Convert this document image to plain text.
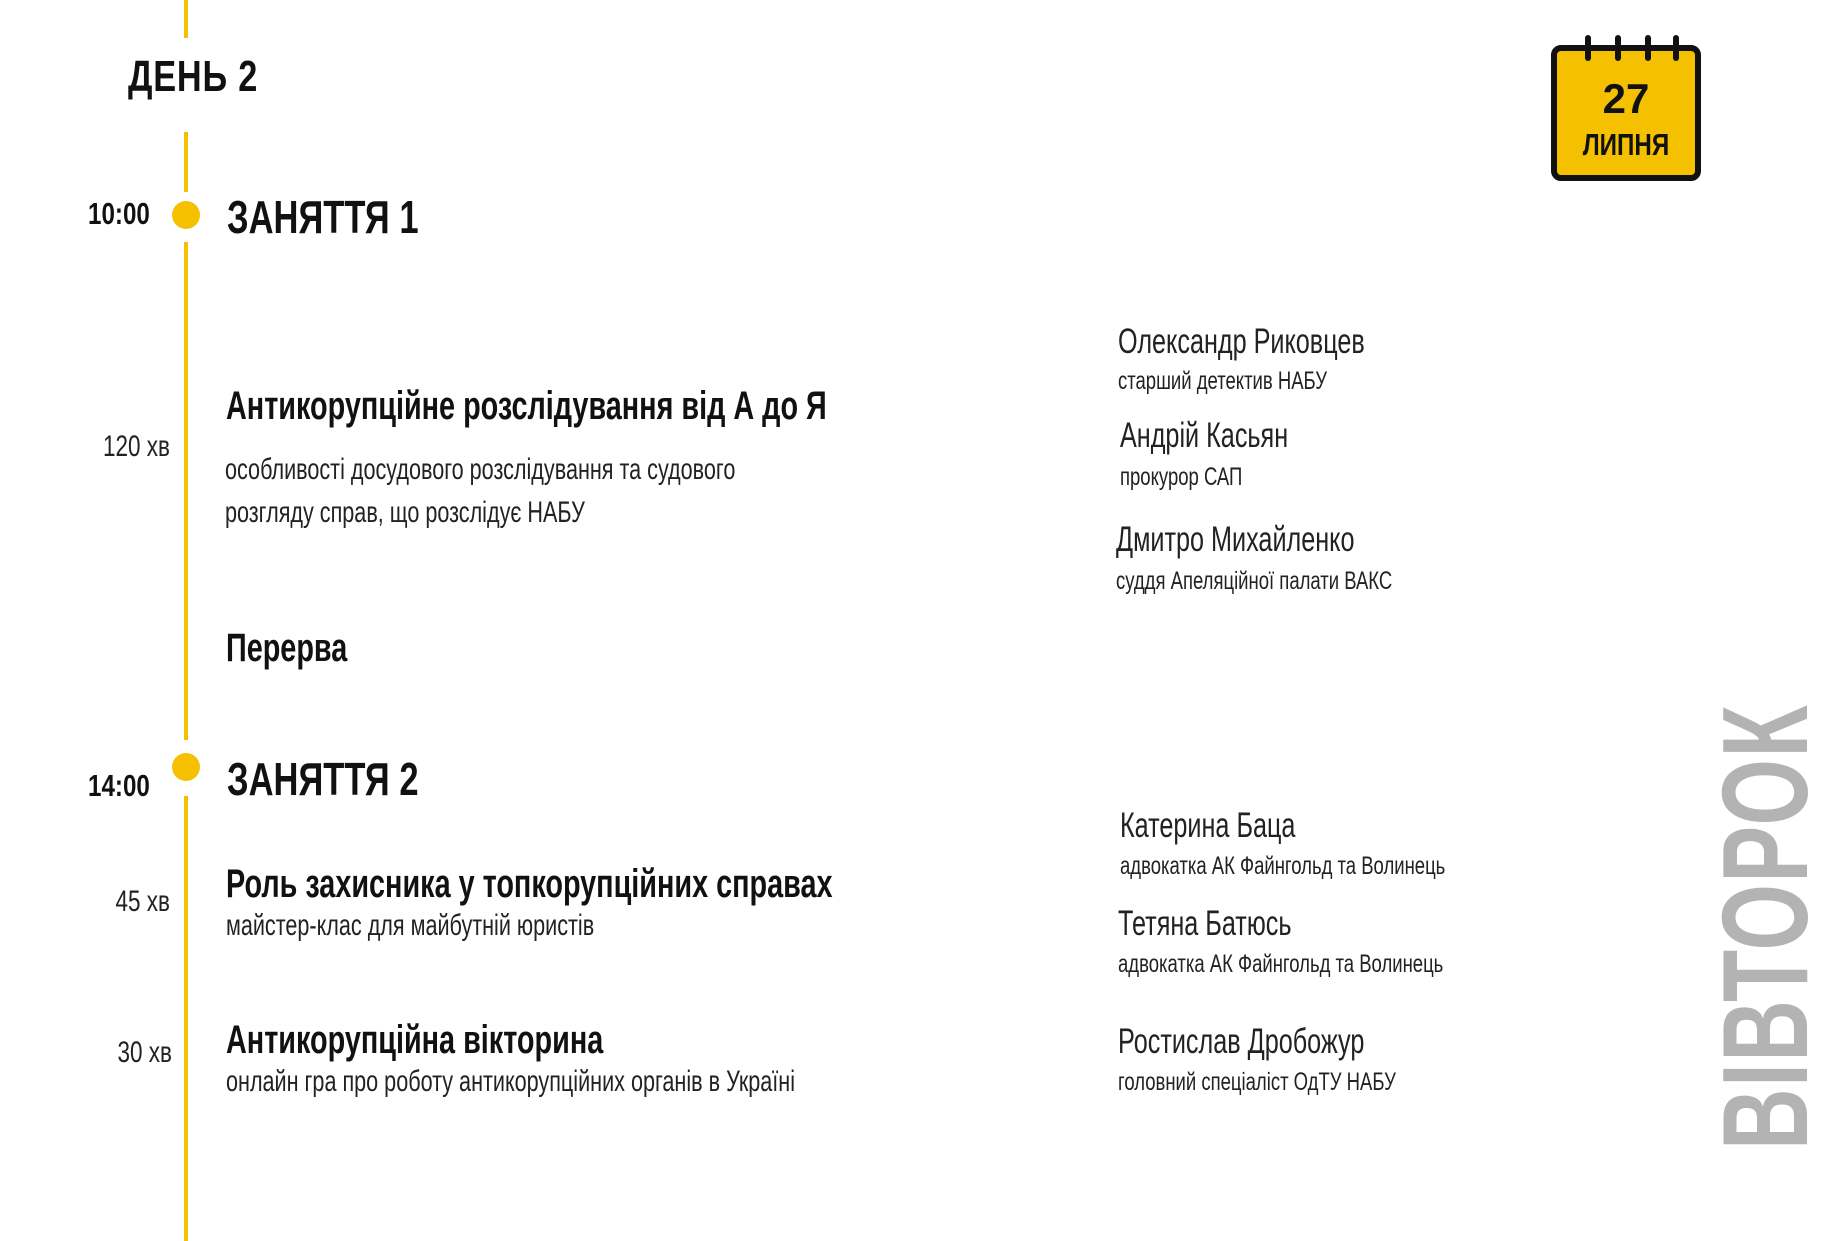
ДЕНЬ 2	27
ЛИПНЯ
10:00 ЗАНЯТТЯ 1
120 хв
Антикорупційне розслідування від А до Я
особливості досудового розслідування та судового
розгляду справ, що розслідує НАБУ
Перерва
Олександр Риковцев
старший детектив НАБУ
Андрій Касьян
прокурор САП
Дмитро Михайленко
суддя Апеляційної палати ВАКС
14:00 ЗАНЯТТЯ 2
45 хв Роль захисника у топкорупційних справах
майстер-клас для майбутній юристів
30 хв Антикорупційна вікторина
онлайн гра про роботу антикорупційних органів в Україні
Катерина Баца
адвокатка АК Файнгольд та Волинець
Тетяна Батюсь
адвокатка АК Файнгольд та Волинець
Ростислав Дробожур
головний спеціаліст ОдТУ НАБУ ВІВТОРОК
